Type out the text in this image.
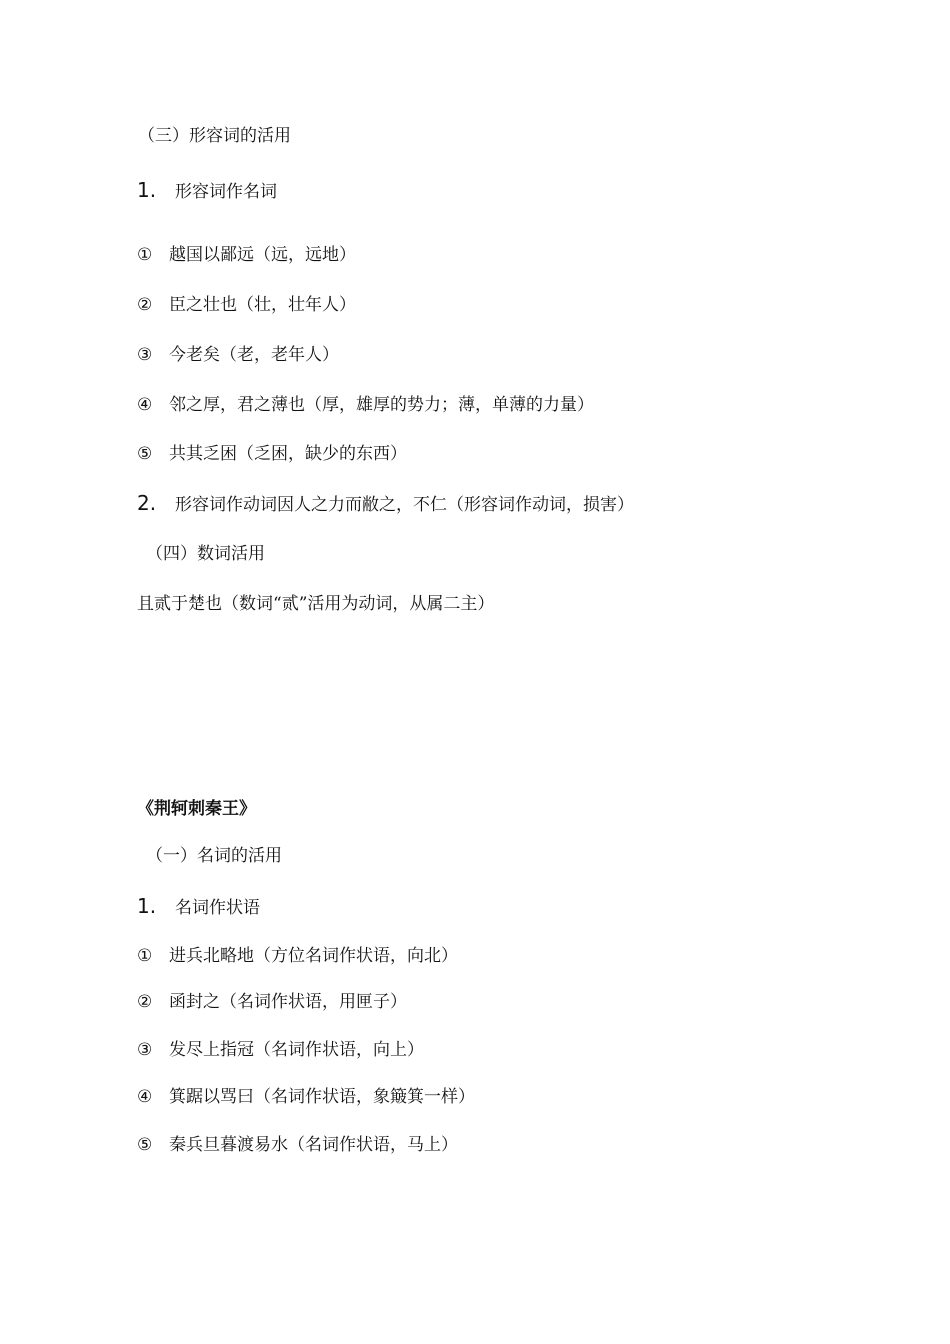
（三）形容词的活用
1. 形容词作名词
① 越国以鄙远（远，远地）
② 臣之壮也（壮，壮年人）
③ 今老矣（老，老年人）
④ 邻之厚，君之薄也（厚，雄厚的势力；薄，单薄的力量）
⑤ 共其乏困（乏困，缺少的东西）
2. 形容词作动词因人之力而敝之，不仁（形容词作动词，损害）
（四）数词活用
且贰于楚也（数词“贰”活用为动词，从属二主）
《荆轲刺秦王》
（一）名词的活用
1. 名词作状语
① 进兵北略地（方位名词作状语，向北）
② 函封之（名词作状语，用匣子）
③ 发尽上指冠（名词作状语，向上）
④ 箕踞以骂曰（名词作状语，象簸箕一样）
⑤ 秦兵旦暮渡易水（名词作状语，马上）
